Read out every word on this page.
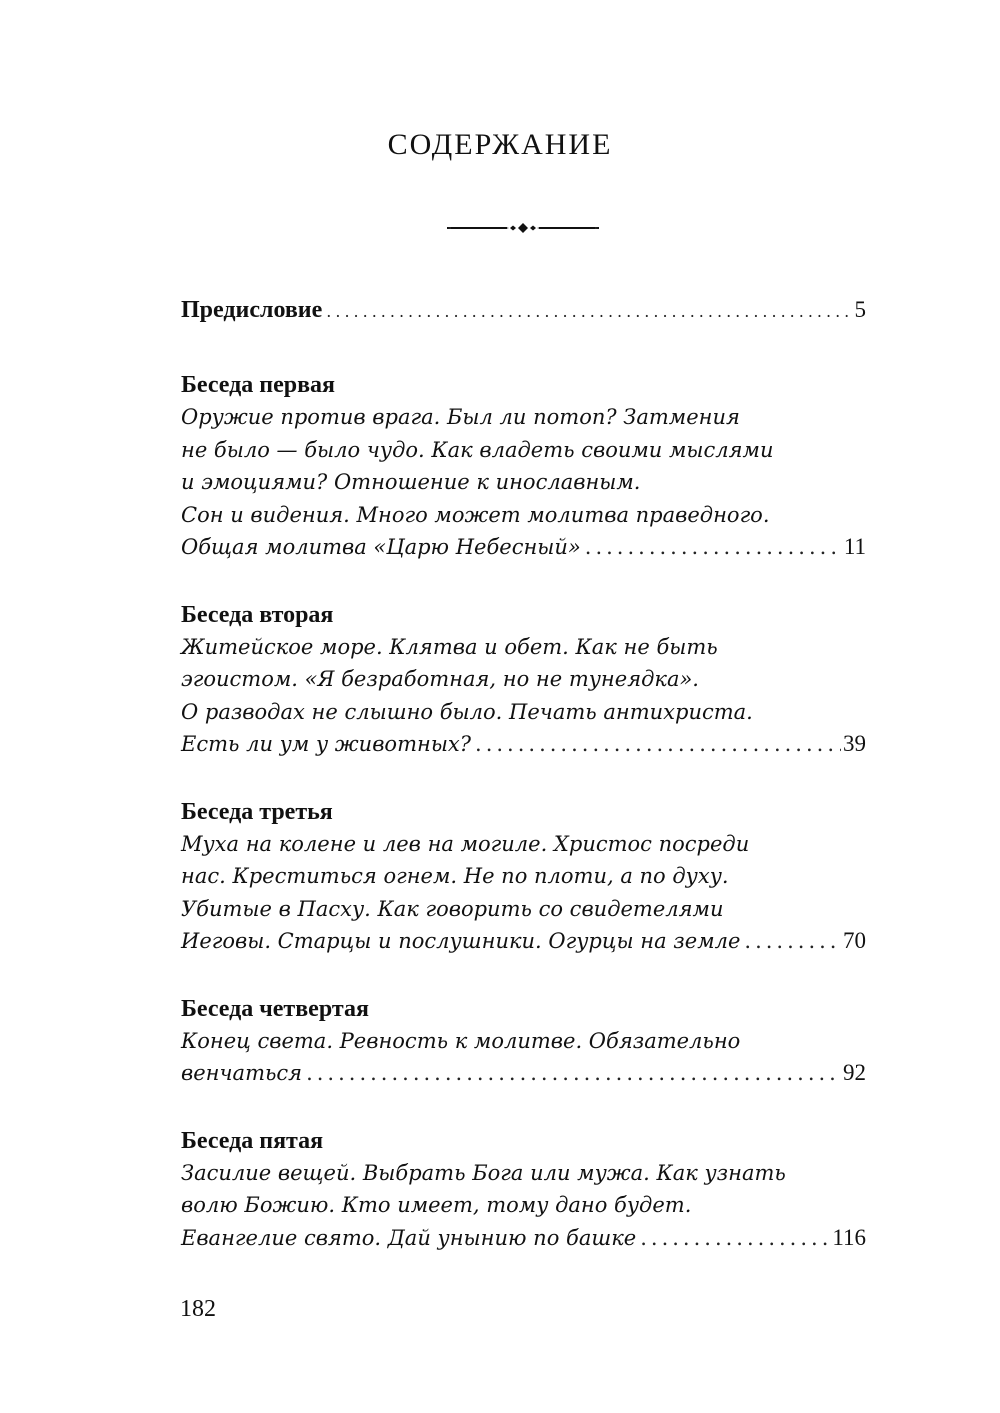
СОДЕРЖАНИЕ
Предисловие .....	5
Беседа первая
Оружие против врага. Был ли потоп? Затмения
не было — было чудо. Как владеть своими мыслями
и эмоциями? Отношение к инославным.
Сон и видения. Много может молитва праведного.
Общая молитва «Царю Небесный» .....	11
Беседа вторая
Житейское море. Клятва и обет. Как не быть
эгоистом. «Я безработная, но не тунеядка».
О разводах не слышно было. Печать антихриста.
Есть ли ум у животных? .....	39
Беседа третья
Муха на колене и лев на могиле. Христос посреди
нас. Креститься огнем. Не по плоти, а по духу.
Убитые в Пасху. Как говорить со свидетелями
Иеговы. Старцы и послушники. Огурцы на земле .....	70
Беседа четвертая
Конец света. Ревность к молитве. Обязательно
венчаться .....	92
Беседа пятая
Засилие вещей. Выбрать Бога или мужа. Как узнать
волю Божию. Кто имеет, тому дано будет.
Евангелие свято. Дай унынию по башке .....	116
182
